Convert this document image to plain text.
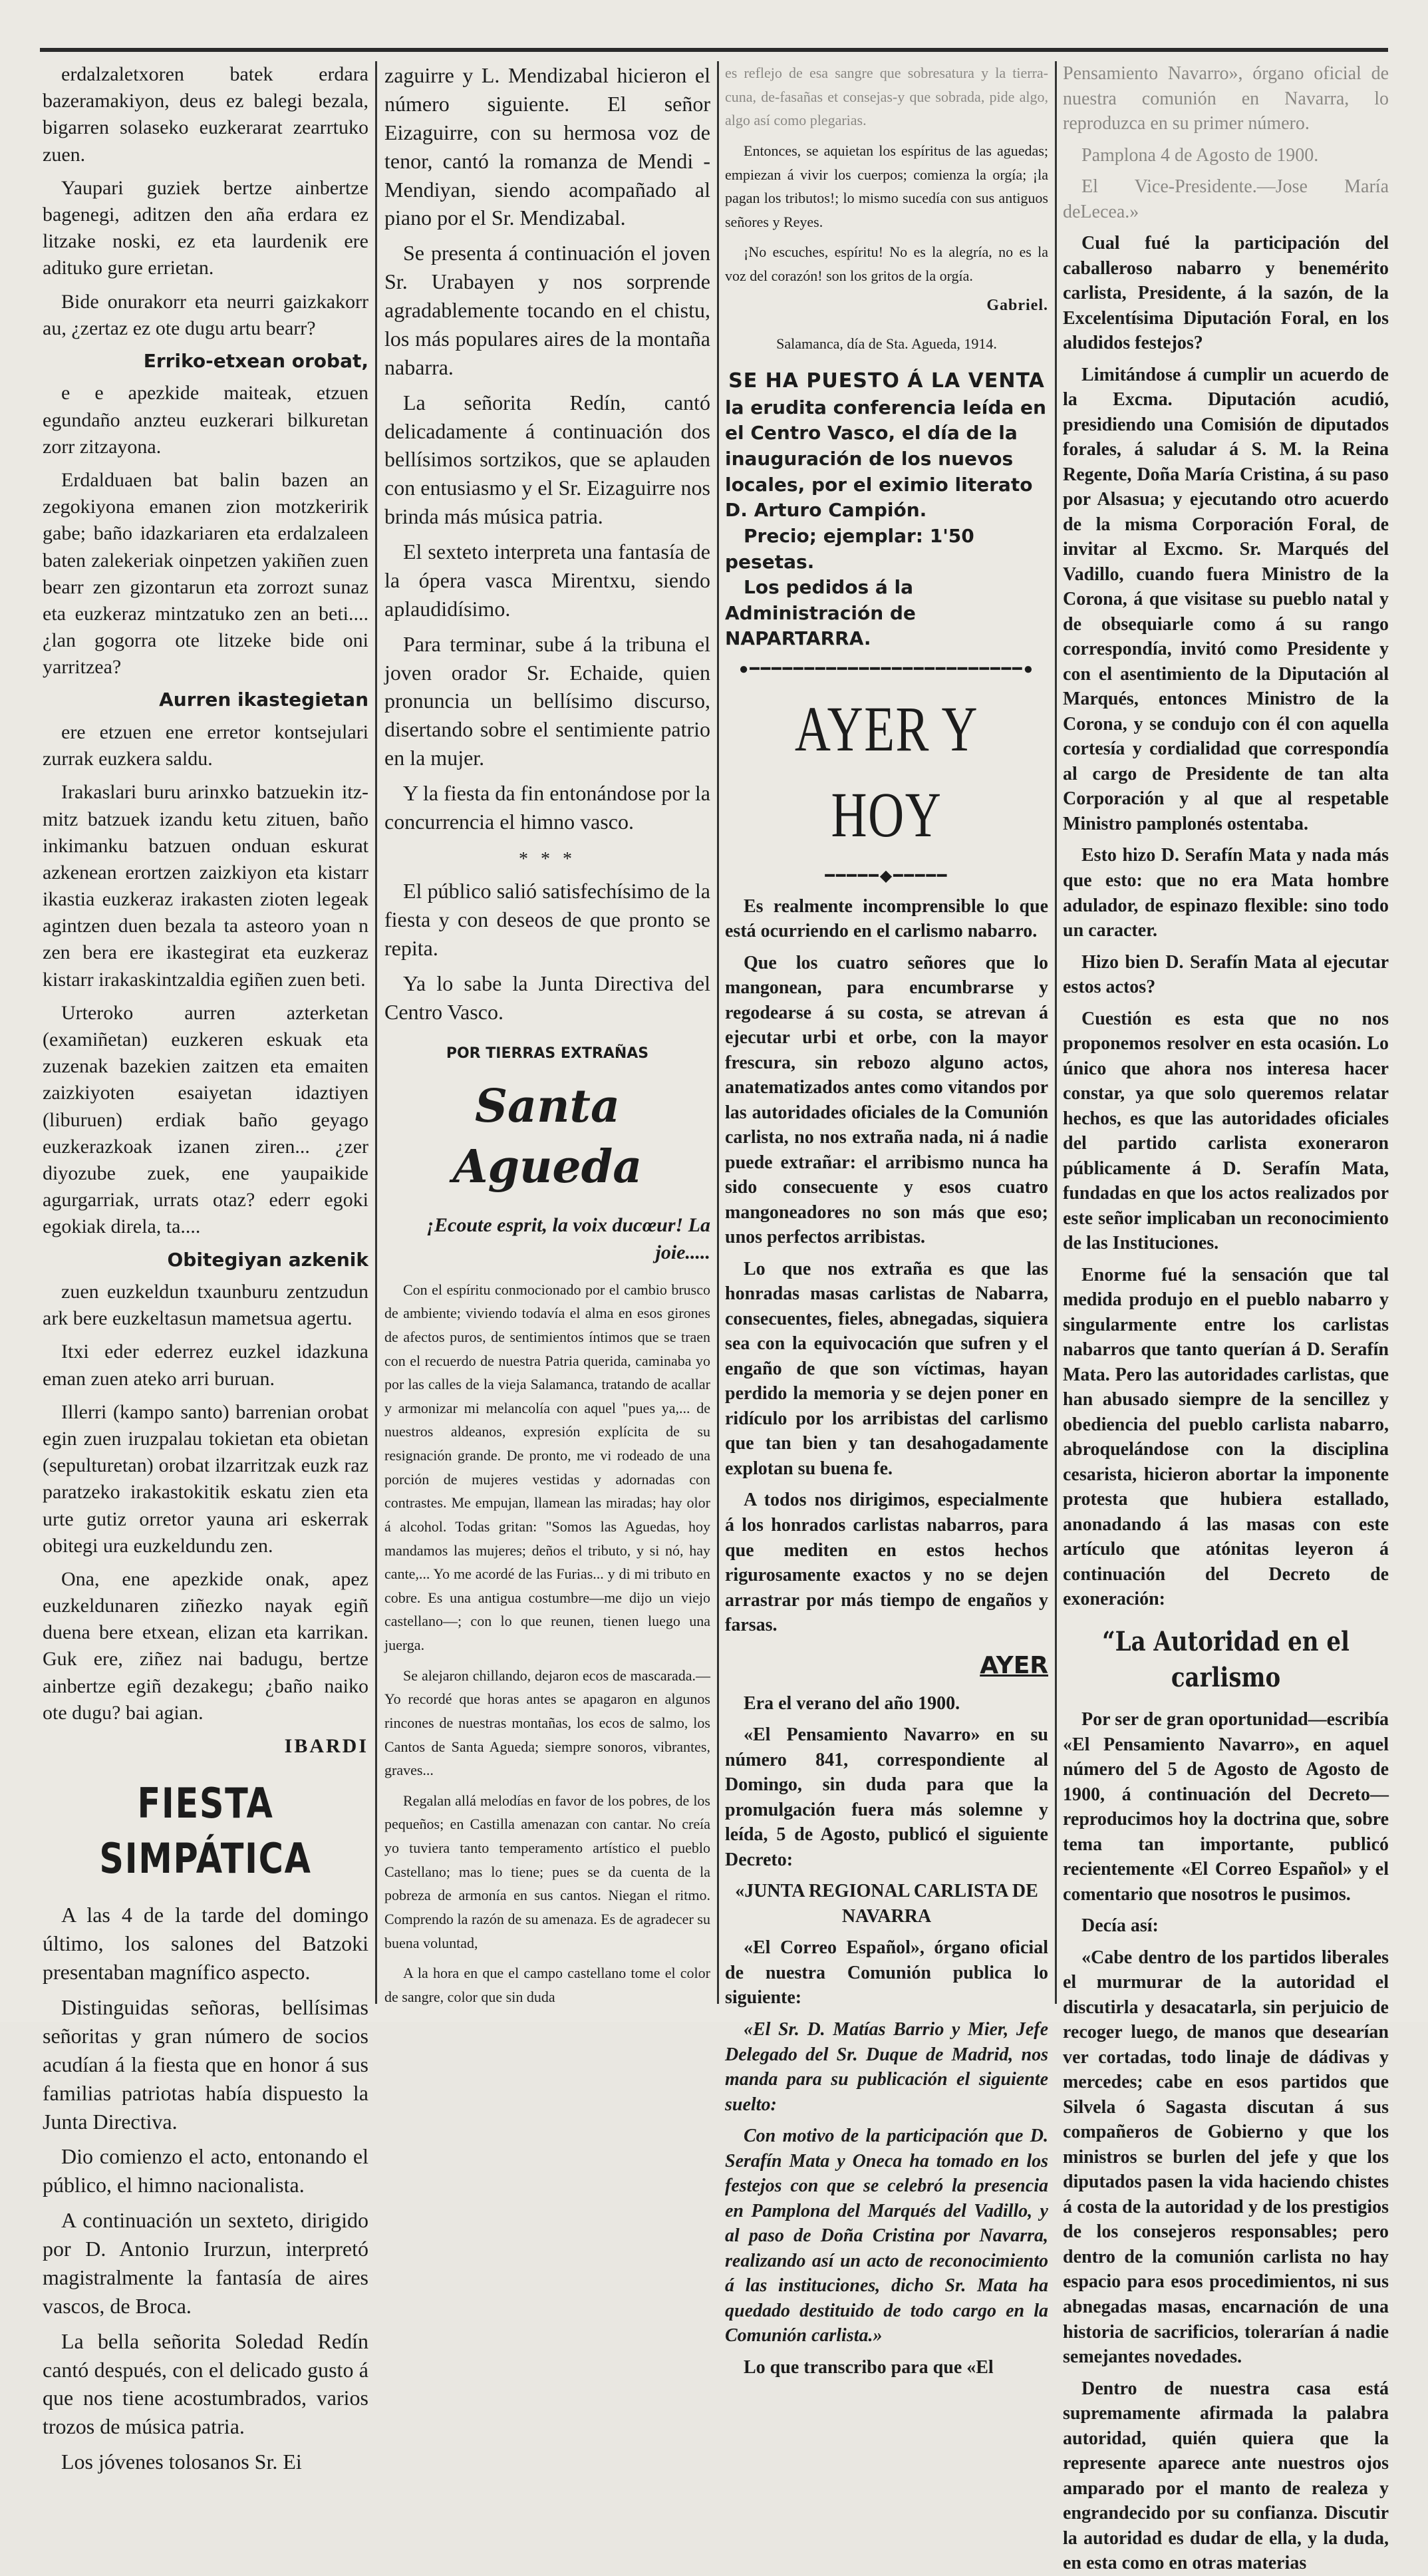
erdalzaletxoren batek erdara bazeramakiyon, deus ez balegi bezala, bigarren solaseko euzkerarat zearrtuko zuen.

Yaupari guziek bertze ainbertze bagenegi, aditzen den aña erdara ez litzake noski, ez eta laurdenik ere adituko gure errietan.

Bide onurakorr eta neurri gaizkakorr au, ¿zertaz ez ote dugu artu bearr?

Erriko-etxean orobat,

e e apezkide maiteak, etzuen egundaño anzteu euzkerari bilkuretan zorr zitzayona.

Erdalduaen bat balin bazen an zegokiyona emanen zion motzkeririk gabe; baño idazkariaren eta erdalzaleen baten zalekeriak oinpetzen yakiñen zuen bearr zen gizontarun eta zorrozt sunaz eta euzkeraz mintzatuko zen an beti.... ¿lan gogorra ote litzeke bide oni yarritzea?

Aurren ikastegietan

ere etzuen ene erretor kontsejulari zurrak euzkera saldu.

Irakaslari buru arinxko batzuekin itz-mitz batzuek izandu ketu zituen, baño inkimanku batzuen onduan eskurat azkenean erortzen zaizkiyon eta kistarr ikastia euzkeraz irakasten zioten legeak agintzen duen bezala ta asteoro yoan n zen bera ere ikastegirat eta euzkeraz kistarr irakaskintzaldia egiñen zuen beti.

Urteroko aurren azterketan (examiñetan) euzkeren eskuak eta zuzenak bazekien zaitzen eta emaiten zaizkiyoten esaiyetan idaztiyen (liburuen) erdiak baño geyago euzkerazkoak izanen ziren... ¿zer diyozube zuek, ene yaupaikide agurgarriak, urrats otaz? ederr egoki egokiak direla, ta....

Obitegiyan azkenik

zuen euzkeldun txaunburu zentzudun ark bere euzkeltasun mametsua agertu.

Itxi eder ederrez euzkel idazkuna eman zuen ateko arri buruan.

Illerri (kampo santo) barrenian orobat egin zuen iruzpalau tokietan eta obietan (sepulturetan) orobat ilzarritzak euzk raz paratzeko irakastokitik eskatu zien eta urte gutiz orretor yauna ari eskerrak obitegi ura euzkeldundu zen.

Ona, ene apezkide onak, apez euzkeldunaren ziñezko nayak egiñ duena bere etxean, elizan eta karrikan. Guk ere, ziñez nai badugu, bertze ainbertze egiñ dezakegu; ¿baño naiko ote dugu? bai agian.

IBARDI
FIESTA SIMPÁTICA

A las 4 de la tarde del domingo último, los salones del Batzoki presentaban magnífico aspecto.

Distinguidas señoras, bellísimas señoritas y gran número de socios acudían á la fiesta que en honor á sus familias patriotas había dispuesto la Junta Directiva.

Dio comienzo el acto, entonando el público, el himno nacionalista.

A continuación un sexteto, dirigido por D. Antonio Irurzun, interpretó magistralmente la fantasía de aires vascos, de Broca.

La bella señorita Soledad Redín cantó después, con el delicado gusto á que nos tiene acostumbrados, varios trozos de música patria.

Los jóvenes tolosanos Sr. Ei

zaguirre y L. Mendizabal hicieron el número siguiente. El señor Eizaguirre, con su hermosa voz de tenor, cantó la romanza de Mendi - Mendiyan, siendo acompañado al piano por el Sr. Mendizabal.

Se presenta á continuación el joven Sr. Urabayen y nos sorprende agradablemente tocando en el chistu, los más populares aires de la montaña nabarra.

La señorita Redín, cantó delicadamente á continuación dos bellísimos sortzikos, que se aplauden con entusiasmo y el Sr. Eizaguirre nos brinda más música patria.

El sexteto interpreta una fantasía de la ópera vasca Mirentxu, siendo aplaudidísimo.

Para terminar, sube á la tribuna el joven orador Sr. Echaide, quien pronuncia un bellísimo discurso, disertando sobre el sentimiente patrio en la mujer.

Y la fiesta da fin entonándose por la concurrencia el himno vasco.

* * *

El público salió satisfechísimo de la fiesta y con deseos de que pronto se repita.

Ya lo sabe la Junta Directiva del Centro Vasco.

POR TIERRAS EXTRAÑAS
Santa Agueda
¡Ecoute esprit, la voix ducœur! La joie.....

Con el espíritu conmocionado por el cambio brusco de ambiente; viviendo todavía el alma en esos girones de afectos puros, de sentimientos íntimos que se traen con el recuerdo de nuestra Patria querida, caminaba yo por las calles de la vieja Salamanca, tratando de acallar y armonizar mi melancolía con aquel "pues ya,... de nuestros aldeanos, expresión explícita de su resignación grande. De pronto, me vi rodeado de una porción de mujeres vestidas y adornadas con contrastes. Me empujan, llamean las miradas; hay olor á alcohol. Todas gritan: "Somos las Aguedas, hoy mandamos las mujeres; deños el tributo, y si nó, hay cante,... Yo me acordé de las Furias... y di mi tributo en cobre. Es una antigua costumbre—me dijo un viejo castellano—; con lo que reunen, tienen luego una juerga.

Se alejaron chillando, dejaron ecos de mascarada.—Yo recordé que horas antes se apagaron en algunos rincones de nuestras montañas, los ecos de salmo, los Cantos de Santa Agueda; siempre sonoros, vibrantes, graves...

Regalan allá melodías en favor de los pobres, de los pequeños; en Castilla amenazan con cantar. No creía yo tuviera tanto temperamento artístico el pueblo Castellano; mas lo tiene; pues se da cuenta de la pobreza de armonía en sus cantos. Niegan el ritmo. Comprendo la razón de su amenaza. Es de agradecer su buena voluntad,

A la hora en que el campo castellano tome el color de sangre, color que sin duda

es reflejo de esa sangre que sobresatura y la tierra-cuna, de-fasañas et consejas-y que sobrada, pide algo, algo así como plegarias.

Entonces, se aquietan los espíritus de las aguedas; empiezan á vivir los cuerpos; comienza la orgía; ¡la pagan los tributos!; lo mismo sucedía con sus antiguos señores y Reyes.

¡No escuches, espíritu! No es la alegría, no es la voz del corazón! son los gritos de la orgía.

Gabriel.

Salamanca, día de Sta. Agueda, 1914.

SE HA PUESTO Á LA VENTA
la erudita conferencia leída en el Centro Vasco, el día de la inauguración de los nuevos locales, por el eximio literato D. Arturo Campión.
Precio; ejemplar: 1'50 pesetas.
Los pedidos á la Administración de NAPARTARRA.
●━━━━━━━━━━━━━━━━━━━━━━━━━●
AYER Y HOY
━━━━━◆━━━━━

Es realmente incomprensible lo que está ocurriendo en el carlismo nabarro.

Que los cuatro señores que lo mangonean, para encumbrarse y regodearse á su costa, se atrevan á ejecutar urbi et orbe, con la mayor frescura, sin rebozo alguno actos, anatematizados antes como vitandos por las autoridades oficiales de la Comunión carlista, no nos extraña nada, ni á nadie puede extrañar: el arribismo nunca ha sido consecuente y esos cuatro mangoneadores no son más que eso; unos perfectos arribistas.

Lo que nos extraña es que las honradas masas carlistas de Nabarra, consecuentes, fieles, abnegadas, siquiera sea con la equivocación que sufren y el engaño de que son víctimas, hayan perdido la memoria y se dejen poner en ridículo por los arribistas del carlismo que tan bien y tan desahogadamente explotan su buena fe.

A todos nos dirigimos, especialmente á los honrados carlistas nabarros, para que mediten en estos hechos rigurosamente exactos y no se dejen arrastrar por más tiempo de engaños y farsas.

AYER

Era el verano del año 1900.

«El Pensamiento Navarro» en su número 841, correspondiente al Domingo, sin duda para que la promulgación fuera más solemne y leída, 5 de Agosto, publicó el siguiente Decreto:

«JUNTA REGIONAL CARLISTA DE NAVARRA

«El Correo Español», órgano oficial de nuestra Comunión publica lo siguiente:

«El Sr. D. Matías Barrio y Mier, Jefe Delegado del Sr. Duque de Madrid, nos manda para su publicación el siguiente suelto:

Con motivo de la participación que D. Serafín Mata y Oneca ha tomado en los festejos con que se celebró la presencia en Pamplona del Marqués del Vadillo, y al paso de Doña Cristina por Navarra, realizando así un acto de reconocimiento á las instituciones, dicho Sr. Mata ha quedado destituido de todo cargo en la Comunión carlista.»

Lo que transcribo para que «El

Pensamiento Navarro», órgano oficial de nuestra comunión en Navarra, lo reproduzca en su primer número.

Pamplona 4 de Agosto de 1900.

El Vice-Presidente.—Jose María deLecea.»

Cual fué la participación del caballeroso nabarro y benemérito carlista, Presidente, á la sazón, de la Excelentísima Diputación Foral, en los aludidos festejos?

Limitándose á cumplir un acuerdo de la Excma. Diputación acudió, presidiendo una Comisión de diputados forales, á saludar á S. M. la Reina Regente, Doña María Cristina, á su paso por Alsasua; y ejecutando otro acuerdo de la misma Corporación Foral, de invitar al Excmo. Sr. Marqués del Vadillo, cuando fuera Ministro de la Corona, á que visitase su pueblo natal y de obsequiarle como á su rango correspondía, invitó como Presidente y con el asentimiento de la Diputación al Marqués, entonces Ministro de la Corona, y se condujo con él con aquella cortesía y cordialidad que correspondía al cargo de Presidente de tan alta Corporación y al que al respetable Ministro pamplonés ostentaba.

Esto hizo D. Serafín Mata y nada más que esto: que no era Mata hombre adulador, de espinazo flexible: sino todo un caracter.

Hizo bien D. Serafín Mata al ejecutar estos actos?

Cuestión es esta que no nos proponemos resolver en esta ocasión. Lo único que ahora nos interesa hacer constar, ya que solo queremos relatar hechos, es que las autoridades oficiales del partido carlista exoneraron públicamente á D. Serafín Mata, fundadas en que los actos realizados por este señor implicaban un reconocimiento de las Instituciones.

Enorme fué la sensación que tal medida produjo en el pueblo nabarro y singularmente entre los carlistas nabarros que tanto querían á D. Serafín Mata. Pero las autoridades carlistas, que han abusado siempre de la sencillez y obediencia del pueblo carlista nabarro, abroquelándose con la disciplina cesarista, hicieron abortar la imponente protesta que hubiera estallado, anonadando á las masas con este artículo que atónitas leyeron á continuación del Decreto de exoneración:

“La Autoridad en el carlismo

Por ser de gran oportunidad—escribía «El Pensamiento Navarro», en aquel número del 5 de Agosto de Agosto de 1900, á continuación del Decreto—reproducimos hoy la doctrina que, sobre tema tan importante, publicó recientemente «El Correo Español» y el comentario que nosotros le pusimos.

Decía así:

«Cabe dentro de los partidos liberales el murmurar de la autoridad el discutirla y desacatarla, sin perjuicio de recoger luego, de manos que desearían ver cortadas, todo linaje de dádivas y mercedes; cabe en esos partidos que Silvela ó Sagasta discutan á sus compañeros de Gobierno y que los ministros se burlen del jefe y que los diputados pasen la vida haciendo chistes á costa de la autoridad y de los prestigios de los consejeros responsables; pero dentro de la comunión carlista no hay espacio para esos procedimientos, ni sus abnegadas masas, encarnación de una historia de sacrificios, tolerarían á nadie semejantes novedades.

Dentro de nuestra casa está supremamente afirmada la palabra autoridad, quién quiera que la represente aparece ante nuestros ojos amparado por el manto de realeza y engrandecido por su confianza. Discutir la autoridad es dudar de ella, y la duda, en esta como en otras materias
